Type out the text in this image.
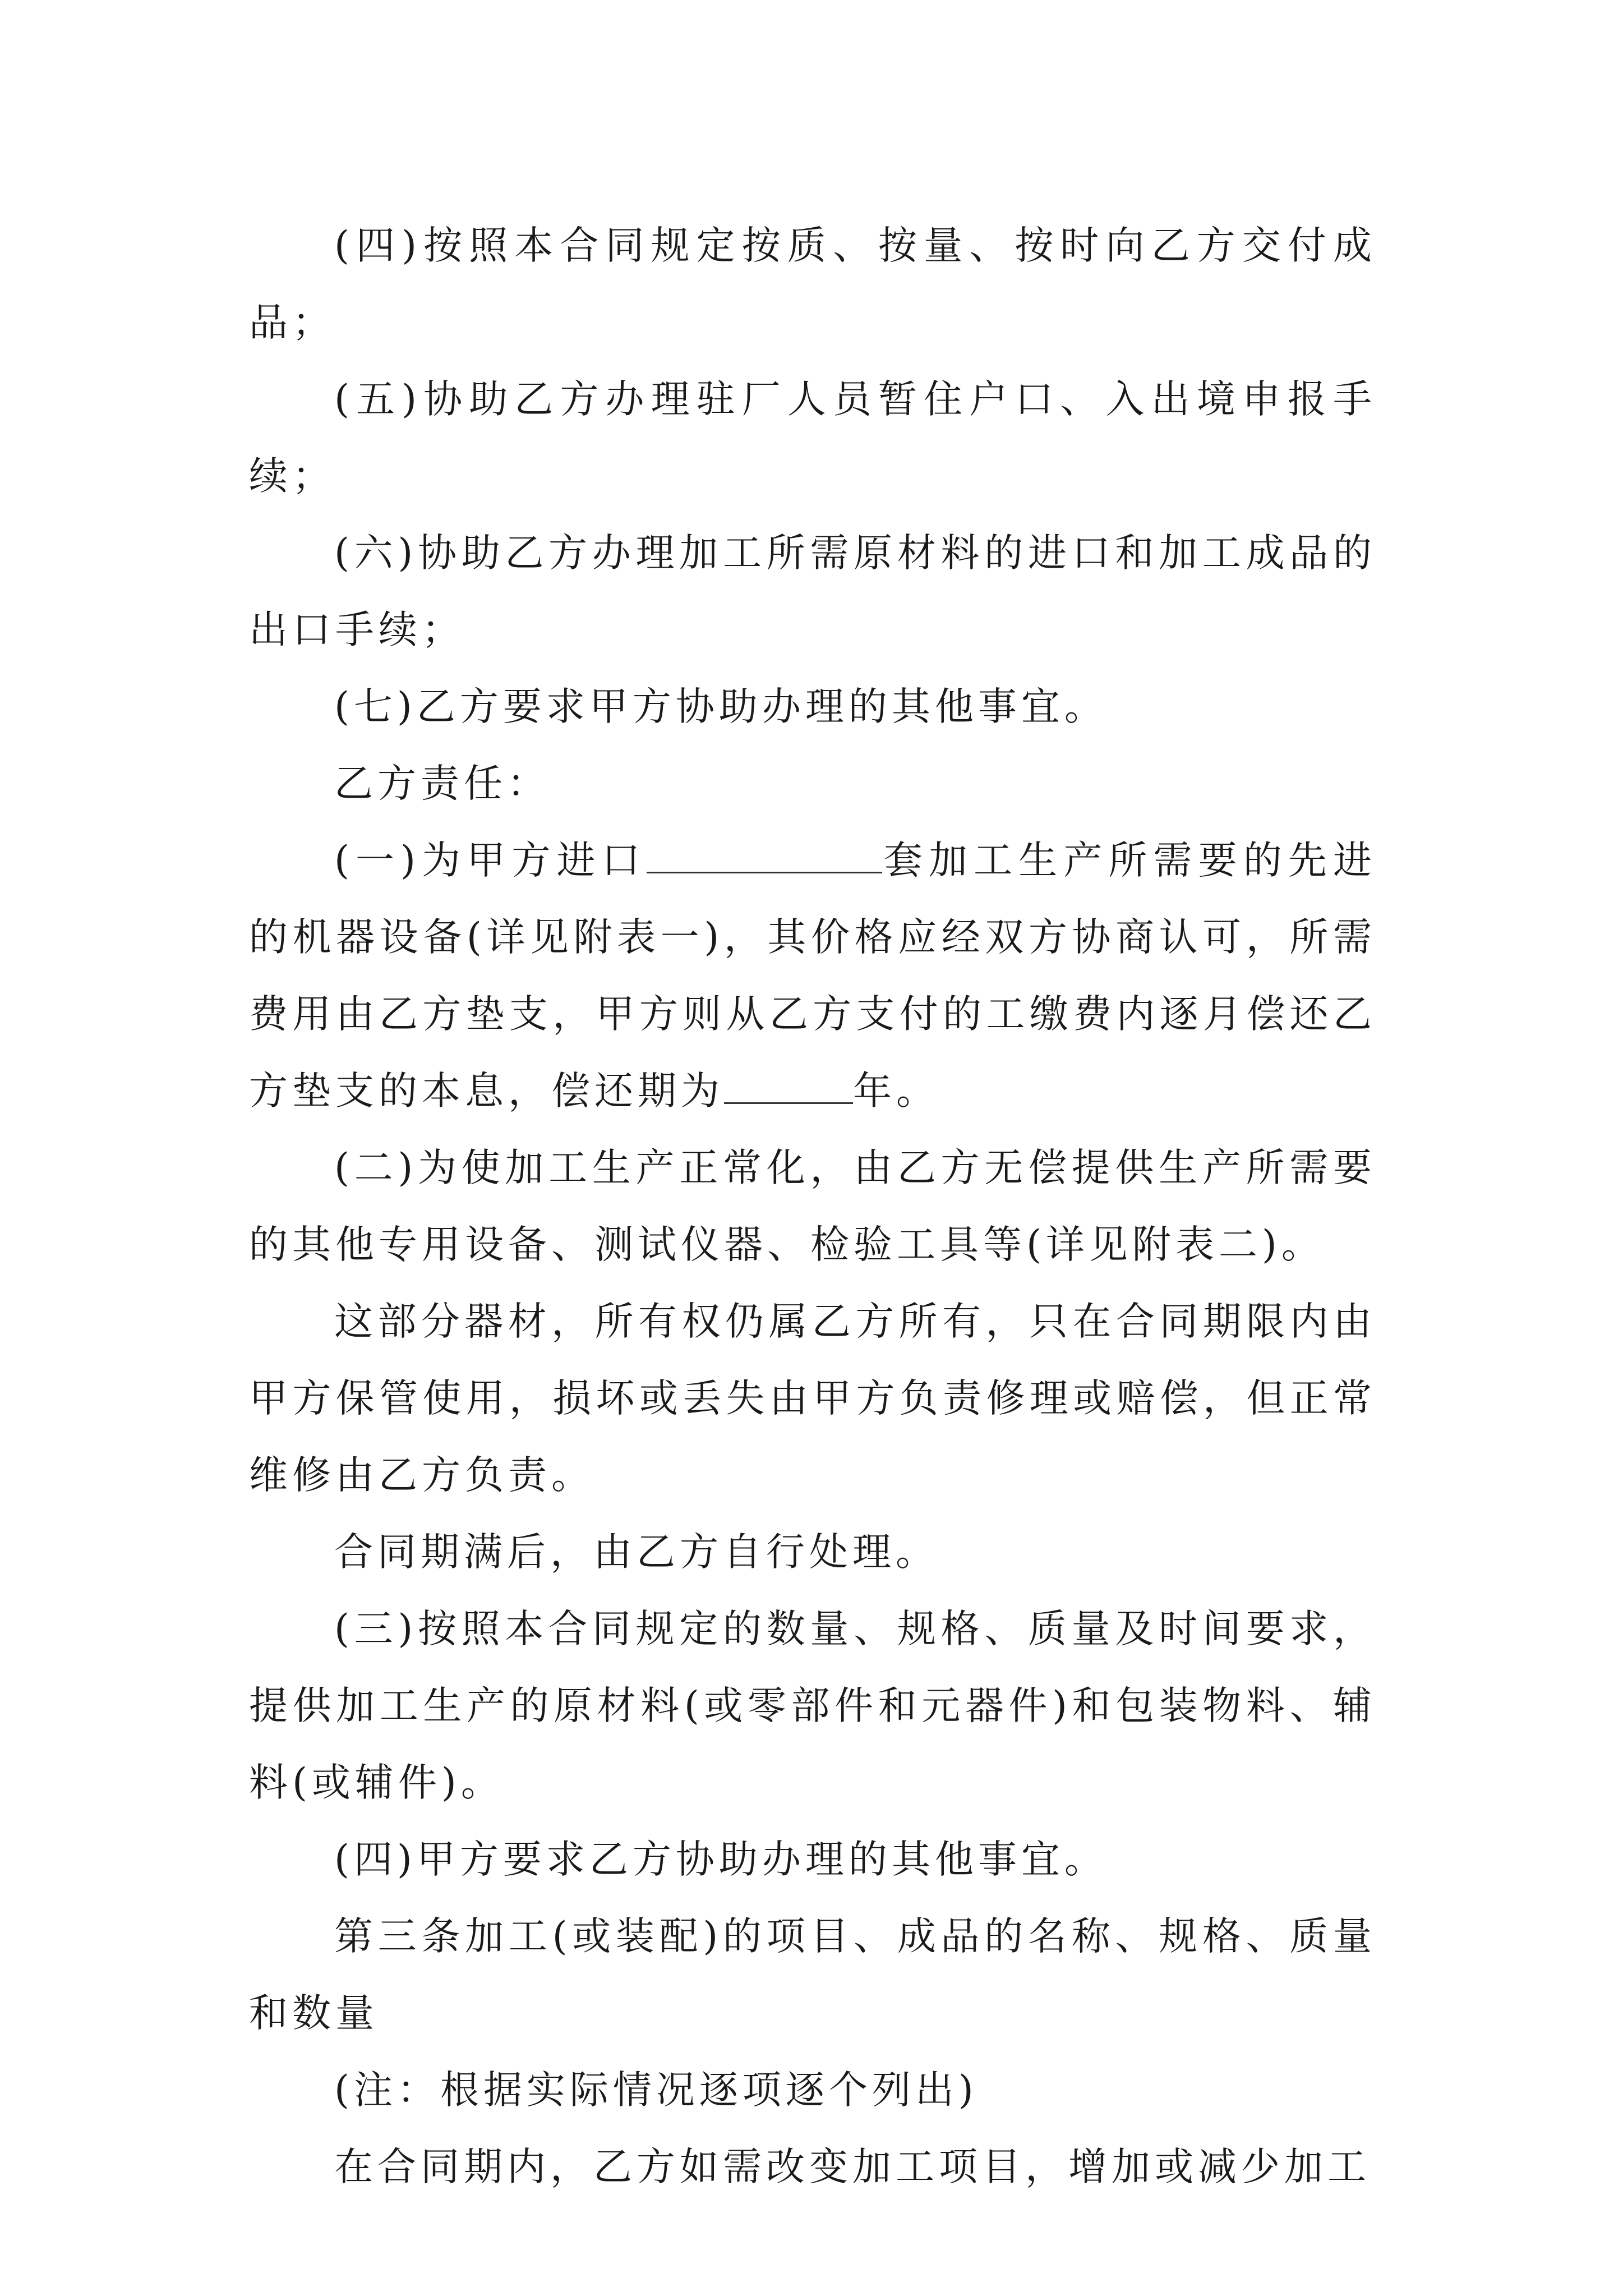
(四)按照本合同规定按质、按量、按时向乙方交付成品；

(五)协助乙方办理驻厂人员暂住户口、入出境申报手续；

(六)协助乙方办理加工所需原材料的进口和加工成品的出口手续；

(七)乙方要求甲方协助办理的其他事宜。

乙方责任：

(一)为甲方进口	套加工生产所需要的先进的机器设备(详见附表一)，其价格应经双方协商认可，所需费用由乙方垫支，甲方则从乙方支付的工缴费内逐月偿还乙方垫支的本息，偿还期为	年。

(二)为使加工生产正常化，由乙方无偿提供生产所需要的其他专用设备、测试仪器、检验工具等(详见附表二)。

这部分器材，所有权仍属乙方所有，只在合同期限内由甲方保管使用，损坏或丢失由甲方负责修理或赔偿，但正常维修由乙方负责。

合同期满后，由乙方自行处理。

(三)按照本合同规定的数量、规格、质量及时间要求，提供加工生产的原材料(或零部件和元器件)和包装物料、辅料(或辅件)。

(四)甲方要求乙方协助办理的其他事宜。

第三条加工(或装配)的项目、成品的名称、规格、质量和数量

(注：根据实际情况逐项逐个列出)

在合同期内，乙方如需改变加工项目，增加或减少加工
